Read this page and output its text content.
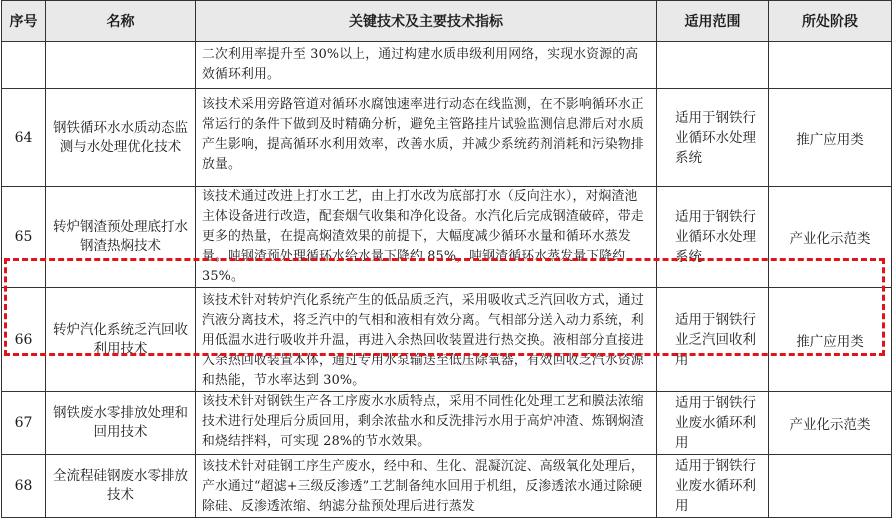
序号	名称	关键技术及主要技术指标	适用范围	所处阶段

		二次利用率提升至 30%以上，通过构建水质串级利用网络，实现水资源的高效循环利用。		

64	钢铁循环水水质动态监测与水处理优化技术	该技术采用旁路管道对循环水腐蚀速率进行动态在线监测，在不影响循环水正常运行的条件下做到及时精确分析，避免主管路挂片试验监测信息滞后对水质产生影响，提高循环水利用效率，改善水质，并减少系统药剂消耗和污染物排放量。	适用于钢铁行业循环水处理系统	推广应用类
65	转炉钢渣预处理底打水钢渣热焖技术	该技术通过改进上打水工艺，由上打水改为底部打水（反向注水），对焖渣池主体设备进行改造，配套烟气收集和净化设备。水汽化后完成钢渣破碎，带走更多的热量，在提高焖渣效果的前提下，大幅度减少循环水量和循环水蒸发量。吨钢渣预处理循环水给水量下降约 85%，吨钢渣循环水蒸发量下降约 35%。	适用于钢铁行业循环水处理系统	产业化示范类
66	转炉汽化系统乏汽回收利用技术	该技术针对转炉汽化系统产生的低品质乏汽，采用吸收式乏汽回收方式，通过汽液分离技术，将乏汽中的气相和液相有效分离。气相部分送入动力系统，利用低温水进行吸收并升温，再进入余热回收装置进行热交换。液相部分直接进入余热回收装置本体，通过专用水泵输送至低压除氧器，有效回收乏汽水资源和热能，节水率达到 30%。	适用于钢铁行业乏汽回收利用	推广应用类
67	钢铁废水零排放处理和回用技术	该技术针对钢铁生产各工序废水水质特点，采用不同性化处理工艺和膜法浓缩技术进行处理后分质回用，剩余浓盐水和反洗排污水用于高炉冲渣、炼钢焖渣和烧结拌料，可实现 28%的节水效果。	适用于钢铁行业废水循环利用	产业化示范类
68	全流程硅钢废水零排放技术	该技术针对硅钢工序生产废水，经中和、生化、混凝沉淀、高级氧化处理后，产水通过“超滤+三级反渗透”工艺制备纯水回用于机组，反渗透浓水通过除硬除硅、反渗透浓缩、纳滤分盐预处理后进行蒸发	适用于钢铁行业废水循环利用	
